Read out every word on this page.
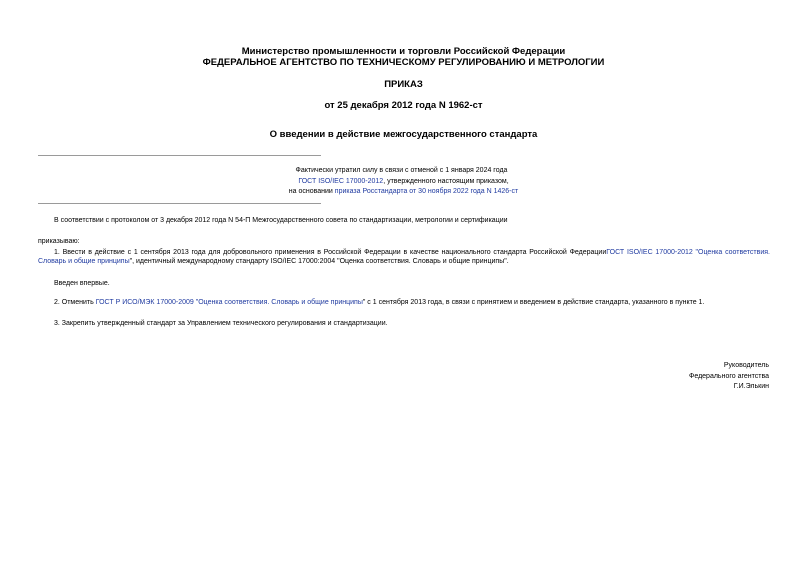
Министерство промышленности и торговли Российской Федерации
ФЕДЕРАЛЬНОЕ АГЕНТСТВО ПО ТЕХНИЧЕСКОМУ РЕГУЛИРОВАНИЮ И МЕТРОЛОГИИ
ПРИКАЗ
от 25 декабря 2012 года N 1962-ст
О введении в действие межгосударственного стандарта
Фактически утратил силу в связи с отменой с 1 января 2024 года
ГОСТ ISO/IEC 17000-2012, утвержденного настоящим приказом,
на основании приказа Росстандарта от 30 ноября 2022 года N 1426-ст
В соответствии с протоколом от 3 декабря 2012 года N 54-П Межгосударственного совета по стандартизации, метрологии и сертификации
приказываю:
1. Ввести в действие с 1 сентября 2013 года для добровольного применения в Российской Федерации в качестве национального стандарта Российской ФедерацииГОСТ ISO/IEC 17000-2012 "Оценка соответствия. Словарь и общие принципы", идентичный международному стандарту ISO/IEC 17000:2004 "Оценка соответствия. Словарь и общие принципы".
Введен впервые.
2. Отменить ГОСТ Р ИСО/МЭК 17000-2009 "Оценка соответствия. Словарь и общие принципы" с 1 сентября 2013 года, в связи с принятием и введением в действие стандарта, указанного в пункте 1.
3. Закрепить утвержденный стандарт за Управлением технического регулирования и стандартизации.
Руководитель
Федерального агентства
Г.И.Элькин
